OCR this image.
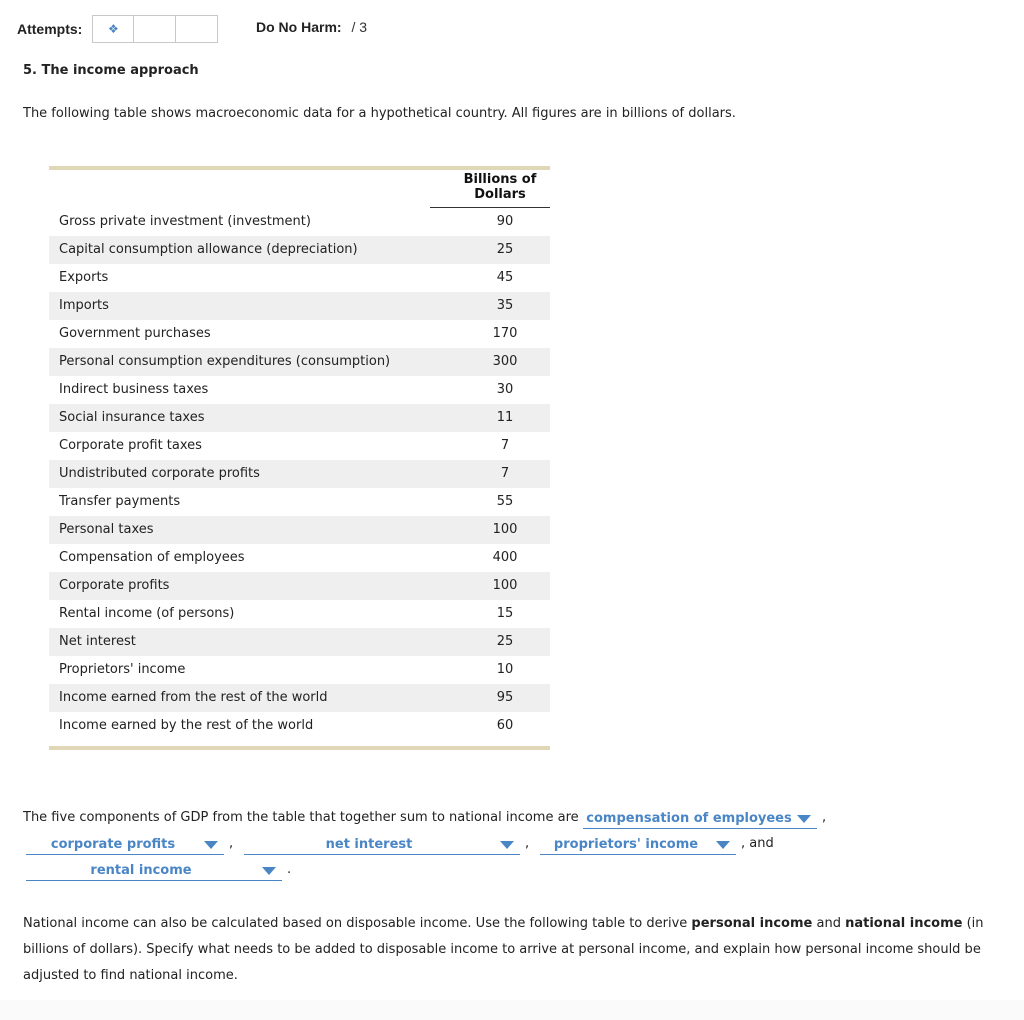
Attempts: ❖	Do No Harm: / 3
5. The income approach
The following table shows macroeconomic data for a hypothetical country. All figures are in billions of dollars.
	Billions of Dollars
Gross private investment (investment)	90
Capital consumption allowance (depreciation)	25
Exports	45
Imports	35
Government purchases	170
Personal consumption expenditures (consumption)	300
Indirect business taxes	30
Social insurance taxes	11
Corporate profit taxes	7
Undistributed corporate profits	7
Transfer payments	55
Personal taxes	100
Compensation of employees	400
Corporate profits	100
Rental income (of persons)	15
Net interest	25
Proprietors' income	10
Income earned from the rest of the world	95
Income earned by the rest of the world	60
The five components of GDP from the table that together sum to national income are compensation of employees	,
corporate profits	,	net interest	,	proprietors' income	, and
rental income	.
National income can also be calculated based on disposable income. Use the following table to derive personal income and national income (in billions of dollars). Specify what needs to be added to disposable income to arrive at personal income, and explain how personal income should be adjusted to find national income.
